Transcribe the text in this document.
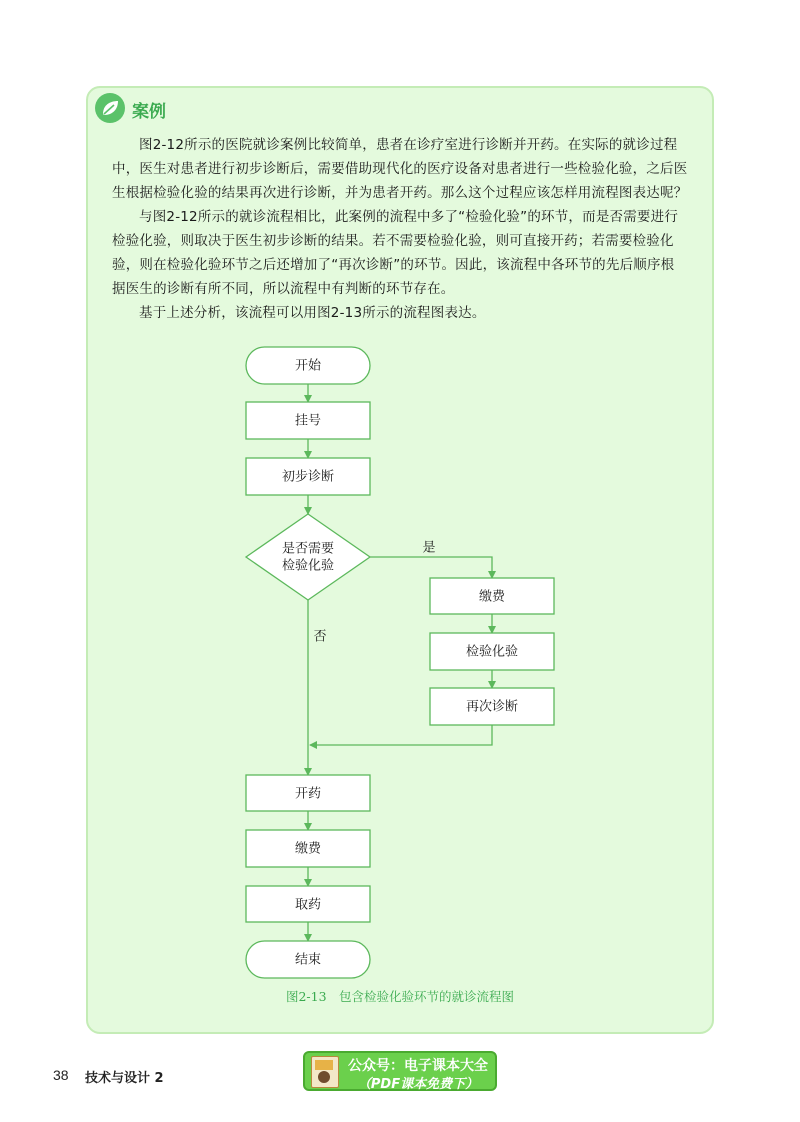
案例

图2-12所示的医院就诊案例比较简单，患者在诊疗室进行诊断并开药。在实际的就诊过程中，医生对患者进行初步诊断后，需要借助现代化的医疗设备对患者进行一些检验化验，之后医生根据检验化验的结果再次进行诊断，并为患者开药。那么这个过程应该怎样用流程图表达呢？

与图2-12所示的就诊流程相比，此案例的流程中多了“检验化验”的环节，而是否需要进行检验化验，则取决于医生初步诊断的结果。若不需要检验化验，则可直接开药；若需要检验化验，则在检验化验环节之后还增加了“再次诊断”的环节。因此，该流程中各环节的先后顺序根据医生的诊断有所不同，所以流程中有判断的环节存在。

基于上述分析，该流程可以用图2-13所示的流程图表达。

开始
挂号
初步诊断
是否需要
检验化验
是
否
缴费
检验化验
再次诊断
开药
缴费
取药
结束
图2-13　包含检验化验环节的就诊流程图
38 技术与设计 2
公众号：电子课本大全
（PDF课本免费下）
